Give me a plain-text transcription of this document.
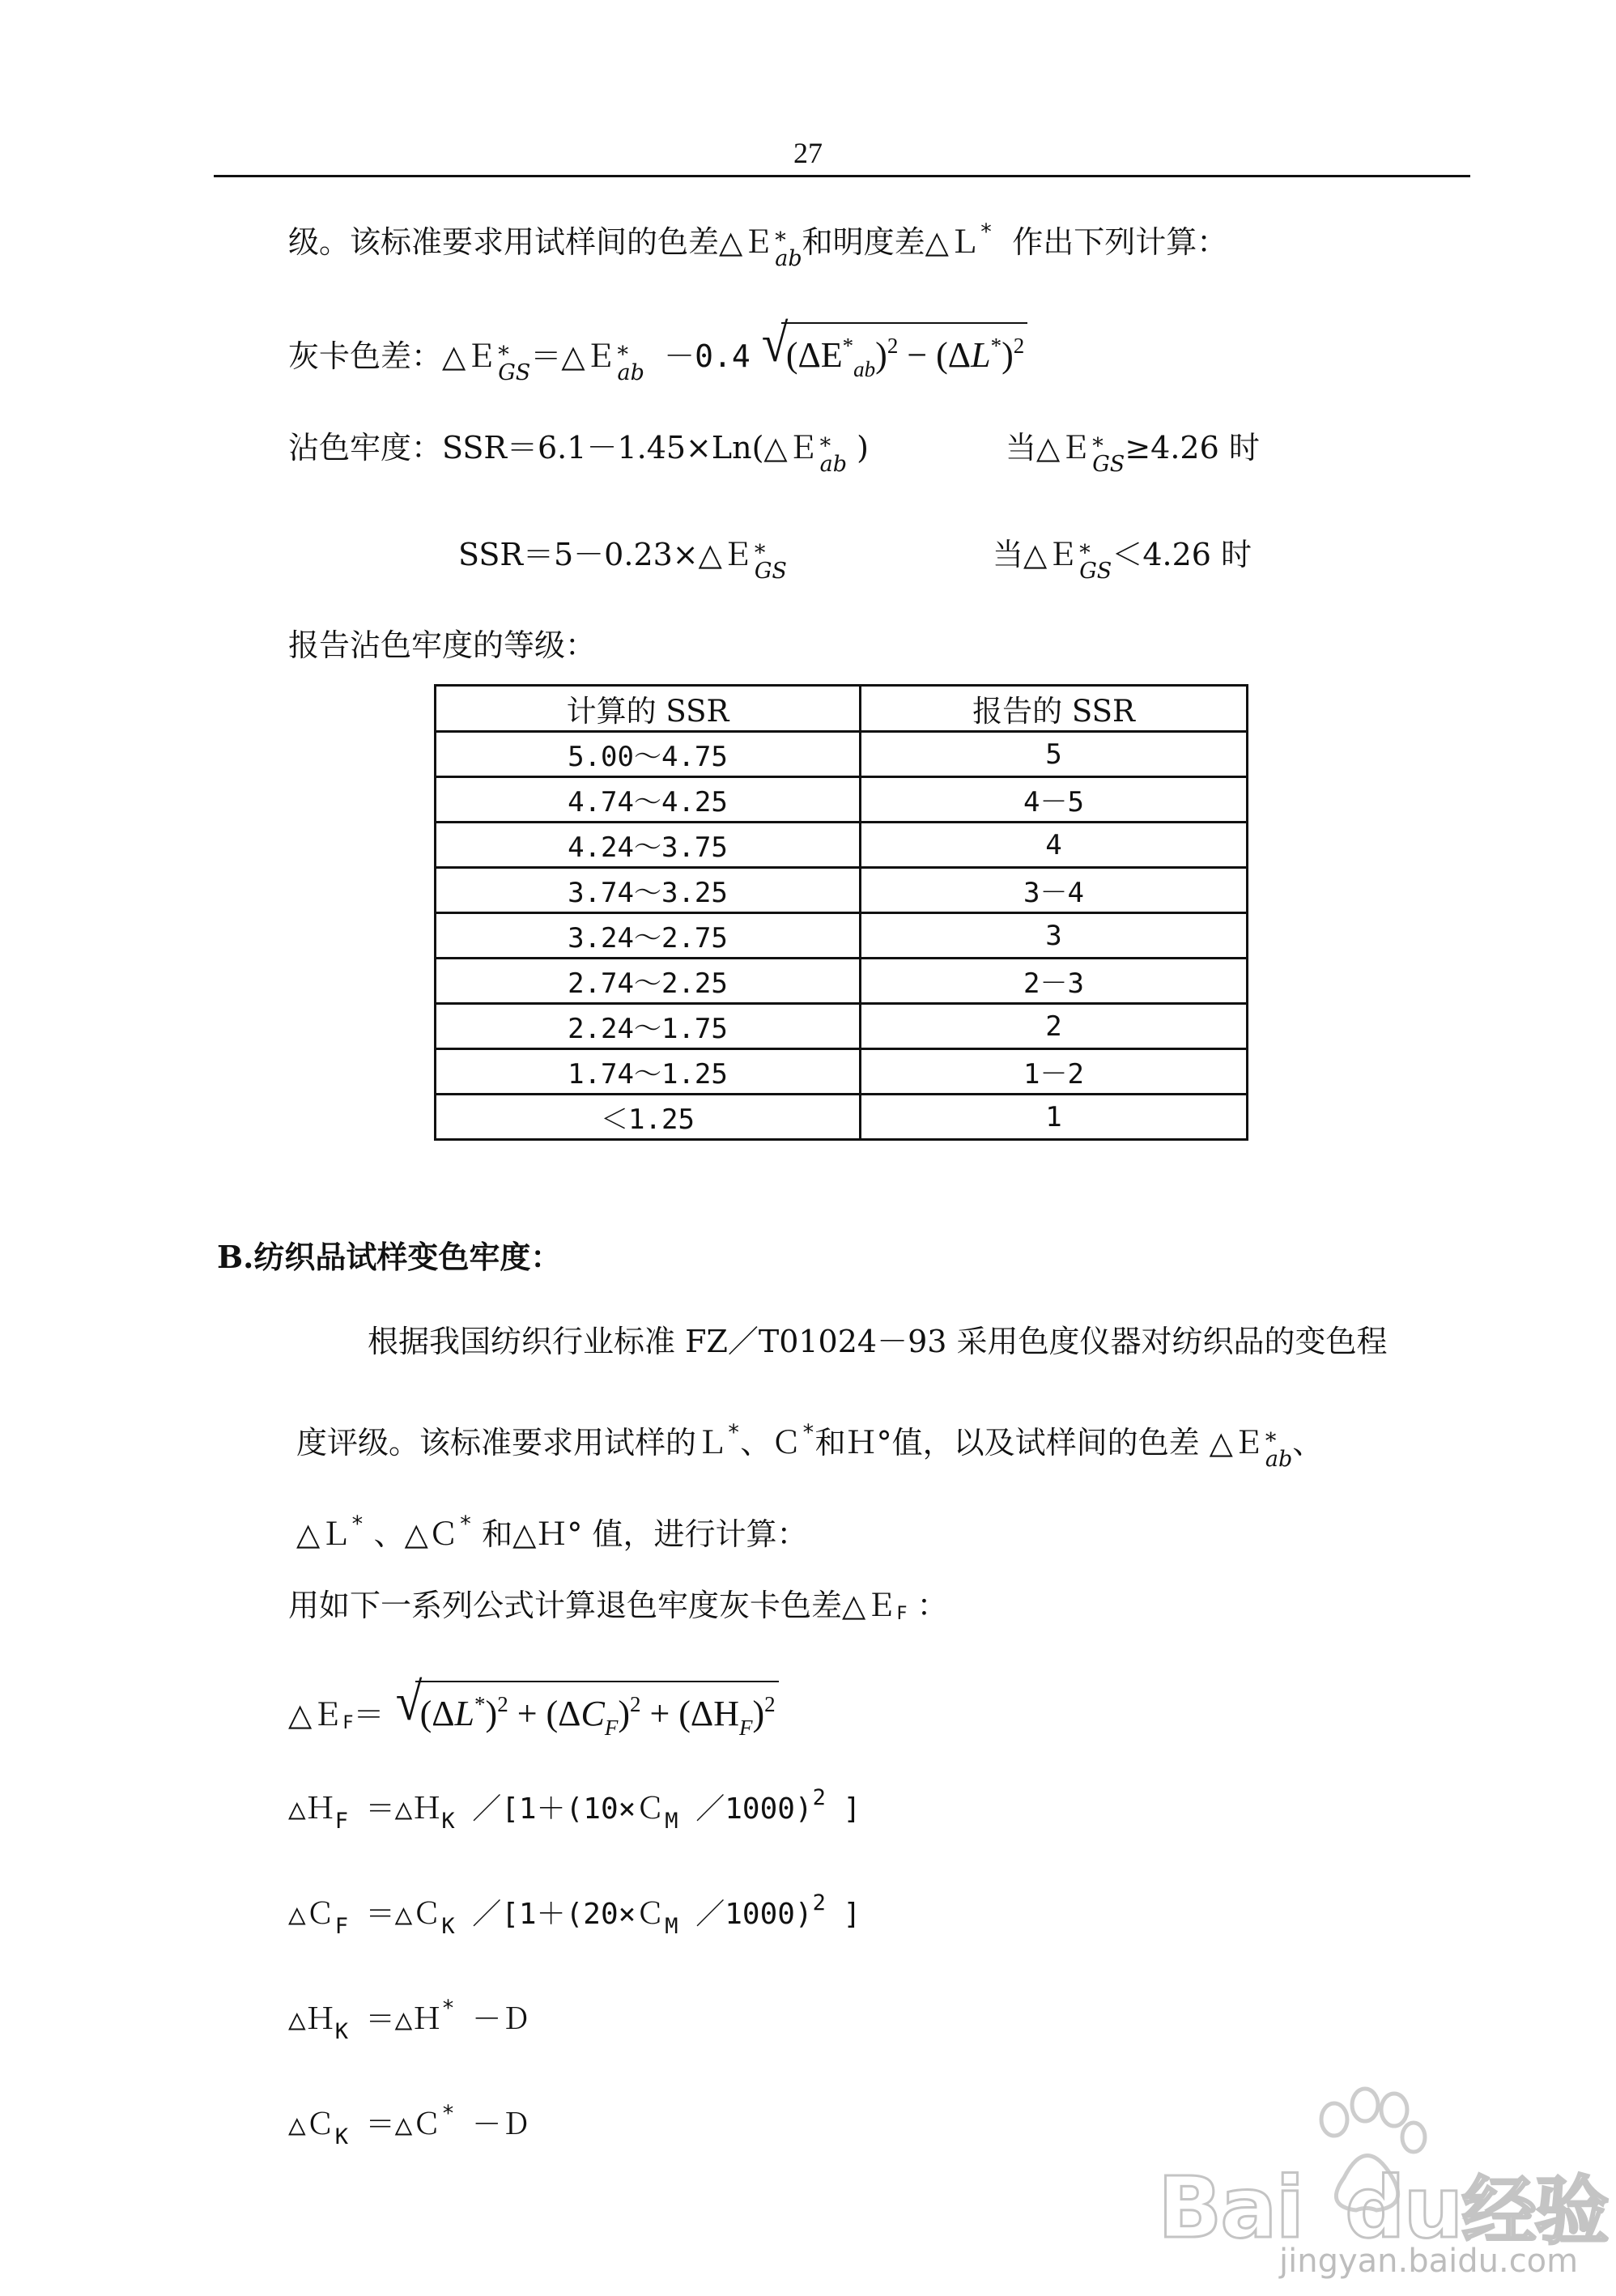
27
级。该标准要求用试样间的色差△Ｅ *
ab 和明度差△Ｌ* 作出下列计算：
灰卡色差：△Ｅ *
GS ＝△Ｅ *
ab －0.4 √
$(\Delta E^*_{ab})^2 - (\Delta L^*)^2$
沾色牢度：SSR＝6.1－1.45×Ln(△Ｅ *
ab )	当△Ｅ *
GS ≥4.26 时
SSR＝5－0.23×△Ｅ *
GS	当△Ｅ *
GS ＜4.26 时
报告沾色牢度的等级：
计算的 SSR	报告的 SSR
5.00～4.75	5
4.74～4.25	4－5
4.24～3.75	4
3.74～3.25	3－4
3.24～2.75	3
2.74～2.25	2－3
2.24～1.75	2
1.74～1.25	1－2
＜1.25	1
B.纺织品试样变色牢度：
根据我国纺织行业标准 FZ／T01024－93 采用色度仪器对纺织品的变色程
度评级。该标准要求用试样的Ｌ*、Ｃ*和Ｈ°值，以及试样间的色差 △Ｅ *
ab 、
△Ｌ* 、△Ｃ* 和△Ｈ° 值，进行计算：
用如下一系列公式计算退色牢度灰卡色差△ＥF ：
△ＥF＝ √
$(\Delta L^*)^2 + (\Delta C_F)^2 + (\Delta H_F)^2$
△Ｈ$_F$ ＝△Ｈ$_K$ ／[1＋(10×Ｃ$_M$ ／1000)$^2$ ]
△Ｃ$_F$ ＝△Ｃ$_K$ ／[1＋(20×Ｃ$_M$ ／1000)$^2$ ]
△Ｈ$_K$ ＝△Ｈ* －Ｄ
△Ｃ$_K$ ＝△Ｃ* －Ｄ
Bai du经验
jingyan.baidu.com
